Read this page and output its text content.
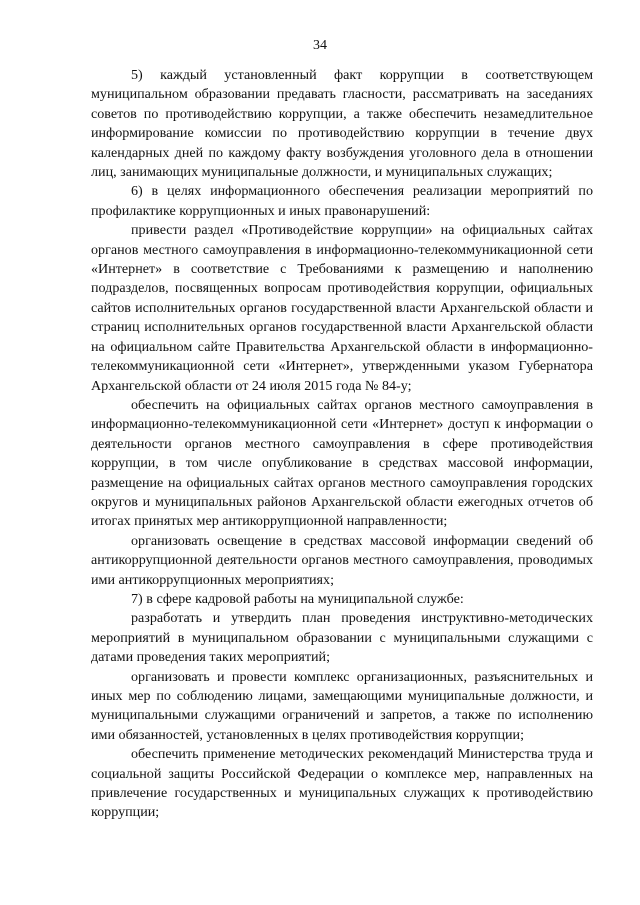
34

5) каждый установленный факт коррупции в соответствующем муниципальном образовании предавать гласности, рассматривать на заседаниях советов по противодействию коррупции, а также обеспечить незамедлительное информирование комиссии по противодействию коррупции в течение двух календарных дней по каждому факту возбуждения уголовного дела в отношении лиц, занимающих муниципальные должности, и муниципальных служащих;

6) в целях информационного обеспечения реализации мероприятий по профилактике коррупционных и иных правонарушений:

привести раздел «Противодействие коррупции» на официальных сайтах органов местного самоуправления в информационно-телекоммуникационной сети «Интернет» в соответствие с Требованиями к размещению и наполнению подразделов, посвященных вопросам противодействия коррупции, официальных сайтов исполнительных органов государственной власти Архангельской области и страниц исполнительных органов государственной власти Архангельской области на официальном сайте Правительства Архангельской области в информационно-телекоммуникационной сети «Интернет», утвержденными указом Губернатора Архангельской области от 24 июля 2015 года № 84-у;

обеспечить на официальных сайтах органов местного самоуправления в информационно-телекоммуникационной сети «Интернет» доступ к информации о деятельности органов местного самоуправления в сфере противодействия коррупции, в том числе опубликование в средствах массовой информации, размещение на официальных сайтах органов местного самоуправления городских округов и муниципальных районов Архангельской области ежегодных отчетов об итогах принятых мер антикоррупционной направленности;

организовать освещение в средствах массовой информации сведений об антикоррупционной деятельности органов местного самоуправления, проводимых ими антикоррупционных мероприятиях;

7) в сфере кадровой работы на муниципальной службе:

разработать и утвердить план проведения инструктивно-методических мероприятий в муниципальном образовании с муниципальными служащими с датами проведения таких мероприятий;

организовать и провести комплекс организационных, разъяснительных и иных мер по соблюдению лицами, замещающими муниципальные должности, и муниципальными служащими ограничений и запретов, а также по исполнению ими обязанностей, установленных в целях противодействия коррупции;

обеспечить применение методических рекомендаций Министерства труда и социальной защиты Российской Федерации о комплексе мер, направленных на привлечение государственных и муниципальных служащих к противодействию коррупции;
